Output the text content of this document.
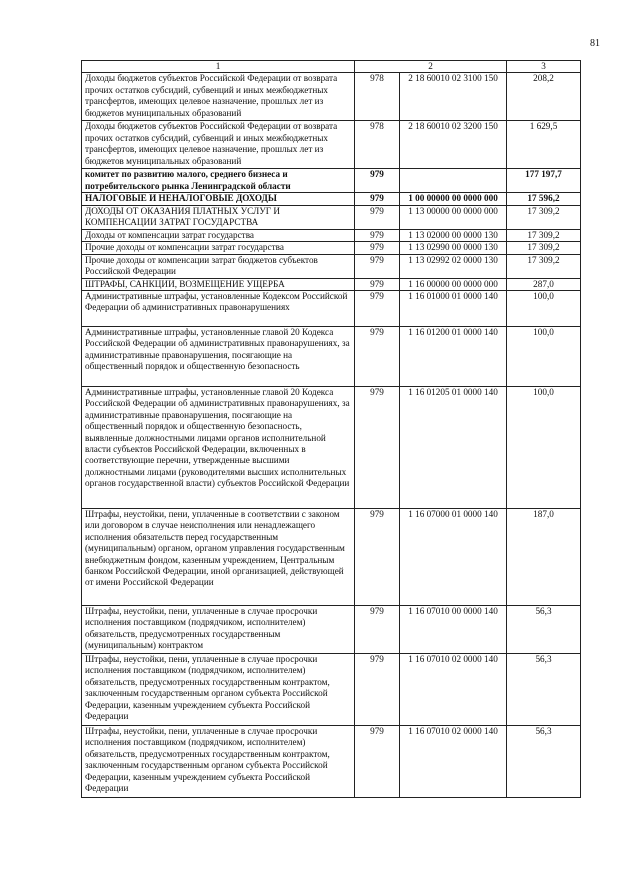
81
1	2		3
Доходы бюджетов субъектов Российской Федерации от возврата прочих остатков субсидий, субвенций и иных межбюджетных трансфертов, имеющих целевое назначение, прошлых лет из бюджетов муниципальных образований	978	2 18 60010 02 3100 150	208,2
Доходы бюджетов субъектов Российской Федерации от возврата прочих остатков субсидий, субвенций и иных межбюджетных трансфертов, имеющих целевое назначение, прошлых лет из бюджетов муниципальных образований	978	2 18 60010 02 3200 150	1 629,5
комитет по развитию малого, среднего бизнеса и потребительского рынка Ленинградской области	979		177 197,7
НАЛОГОВЫЕ И НЕНАЛОГОВЫЕ ДОХОДЫ	979	1 00 00000 00 0000 000	17 596,2
ДОХОДЫ ОТ ОКАЗАНИЯ ПЛАТНЫХ УСЛУГ И КОМПЕНСАЦИИ ЗАТРАТ ГОСУДАРСТВА	979	1 13 00000 00 0000 000	17 309,2
Доходы от компенсации затрат государства	979	1 13 02000 00 0000 130	17 309,2
Прочие доходы от компенсации затрат государства	979	1 13 02990 00 0000 130	17 309,2
Прочие доходы от компенсации затрат бюджетов субъектов Российской Федерации	979	1 13 02992 02 0000 130	17 309,2
ШТРАФЫ, САНКЦИИ, ВОЗМЕЩЕНИЕ УЩЕРБА	979	1 16 00000 00 0000 000	287,0
Административные штрафы, установленные Кодексом Российской Федерации об административных правонарушениях	979	1 16 01000 01 0000 140	100,0
Административные штрафы, установленные главой 20 Кодекса Российской Федерации об административных правонарушениях, за административные правонарушения, посягающие на общественный порядок и общественную безопасность	979	1 16 01200 01 0000 140	100,0
Административные штрафы, установленные главой 20 Кодекса Российской Федерации об административных правонарушениях, за административные правонарушения, посягающие на общественный порядок и общественную безопасность, выявленные должностными лицами органов исполнительной власти субъектов Российской Федерации, включенных в соответствующие перечни, утвержденные высшими должностными лицами (руководителями высших исполнительных органов государственной власти) субъектов Российской Федерации	979	1 16 01205 01 0000 140	100,0
Штрафы, неустойки, пени, уплаченные в соответствии с законом или договором в случае неисполнения или ненадлежащего исполнения обязательств перед государственным (муниципальным) органом, органом управления государственным внебюджетным фондом, казенным учреждением, Центральным банком Российской Федерации, иной организацией, действующей от имени Российской Федерации	979	1 16 07000 01 0000 140	187,0
Штрафы, неустойки, пени, уплаченные в случае просрочки исполнения поставщиком (подрядчиком, исполнителем) обязательств, предусмотренных государственным (муниципальным) контрактом	979	1 16 07010 00 0000 140	56,3
Штрафы, неустойки, пени, уплаченные в случае просрочки исполнения поставщиком (подрядчиком, исполнителем) обязательств, предусмотренных государственным контрактом, заключенным государственным органом субъекта Российской Федерации, казенным учреждением субъекта Российской Федерации	979	1 16 07010 02 0000 140	56,3
Штрафы, неустойки, пени, уплаченные в случае просрочки исполнения поставщиком (подрядчиком, исполнителем) обязательств, предусмотренных государственным контрактом, заключенным государственным органом субъекта Российской Федерации, казенным учреждением субъекта Российской Федерации	979	1 16 07010 02 0000 140	56,3
